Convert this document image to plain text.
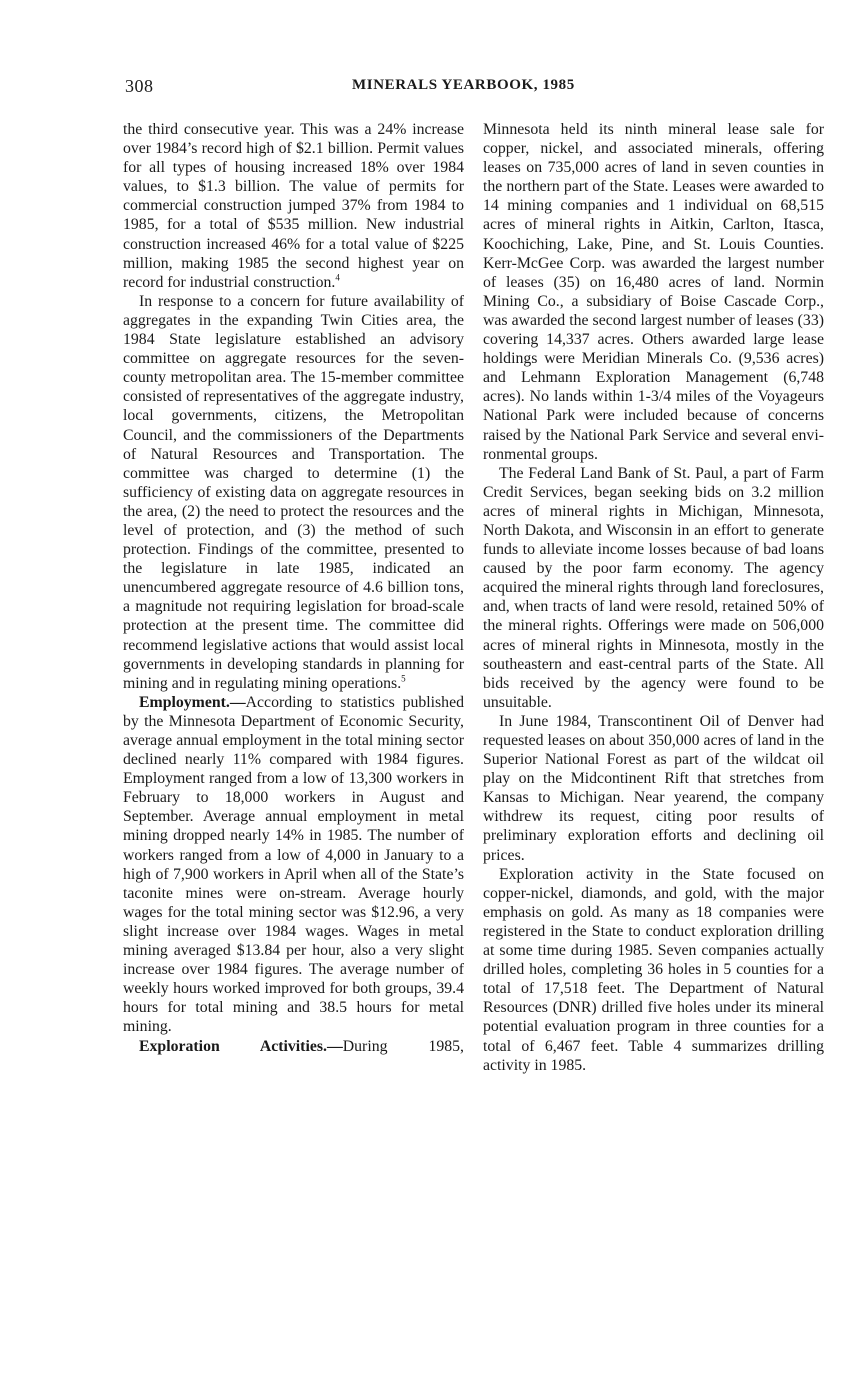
308	MINERALS YEARBOOK, 1985

the third consecutive year. This was a 24% increase over 1984’s record high of $2.1 billion. Permit values for all types of housing increased 18% over 1984 values, to $1.3 billion. The value of permits for commercial construction jumped 37% from 1984 to 1985, for a total of $535 million. New industrial construction increased 46% for a total value of $225 million, making 1985 the second highest year on record for industrial construction.$^4$

In response to a concern for future availability of aggregates in the expanding Twin Cities area, the 1984 State legislature established an advisory committee on aggregate resources for the seven-county metropolitan area. The 15-member committee consisted of representatives of the aggregate industry, local governments, citizens, the Metropolitan Council, and the commissioners of the Departments of Natural Resources and Transportation. The committee was charged to determine (1) the sufficiency of existing data on aggregate resources in the area, (2) the need to protect the resources and the level of protection, and (3) the method of such protection. Findings of the committee, presented to the legislature in late 1985, indicated an unencumbered aggregate resource of 4.6 billion tons, a magnitude not requiring legislation for broad-scale protection at the present time. The committee did recommend legislative actions that would assist local governments in developing standards in planning for mining and in regulating mining operations.$^5$

Employment.—According to statistics published by the Minnesota Department of Economic Security, average annual employment in the total mining sector declined nearly 11% compared with 1984 figures. Employment ranged from a low of 13,300 workers in February to 18,000 workers in August and September. Average annual employment in metal mining dropped nearly 14% in 1985. The number of workers ranged from a low of 4,000 in January to a high of 7,900 workers in April when all of the State’s taconite mines were on-stream. Average hourly wages for the total mining sector was $12.96, a very slight increase over 1984 wages. Wages in metal mining averaged $13.84 per hour, also a very slight increase over 1984 figures. The average number of weekly hours worked improved for both groups, 39.4 hours for total mining and 38.5 hours for metal mining.

Exploration Activities.—During 1985,

Minnesota held its ninth mineral lease sale for copper, nickel, and associated minerals, offering leases on 735,000 acres of land in seven counties in the northern part of the State. Leases were awarded to 14 mining companies and 1 individual on 68,515 acres of mineral rights in Aitkin, Carlton, Itasca, Koochiching, Lake, Pine, and St. Louis Counties. Kerr-McGee Corp. was awarded the largest number of leases (35) on 16,480 acres of land. Normin Mining Co., a subsidiary of Boise Cascade Corp., was awarded the second largest number of leases (33) covering 14,337 acres. Others awarded large lease holdings were Meridian Minerals Co. (9,536 acres) and Lehmann Exploration Management (6,748 acres). No lands within 1-3/4 miles of the Voyageurs National Park were included because of concerns raised by the National Park Service and several environmental groups.

The Federal Land Bank of St. Paul, a part of Farm Credit Services, began seeking bids on 3.2 million acres of mineral rights in Michigan, Minnesota, North Dakota, and Wisconsin in an effort to generate funds to alleviate income losses because of bad loans caused by the poor farm economy. The agency acquired the mineral rights through land foreclosures, and, when tracts of land were resold, retained 50% of the mineral rights. Offerings were made on 506,000 acres of mineral rights in Minnesota, mostly in the southeastern and east-central parts of the State. All bids received by the agency were found to be unsuitable.

In June 1984, Transcontinent Oil of Denver had requested leases on about 350,000 acres of land in the Superior National Forest as part of the wildcat oil play on the Midcontinent Rift that stretches from Kansas to Michigan. Near yearend, the company withdrew its request, citing poor results of preliminary exploration efforts and declining oil prices.

Exploration activity in the State focused on copper-nickel, diamonds, and gold, with the major emphasis on gold. As many as 18 companies were registered in the State to conduct exploration drilling at some time during 1985. Seven companies actually drilled holes, completing 36 holes in 5 counties for a total of 17,518 feet. The Department of Natural Resources (DNR) drilled five holes under its mineral potential evaluation program in three counties for a total of 6,467 feet. Table 4 summarizes drilling activity in 1985.
